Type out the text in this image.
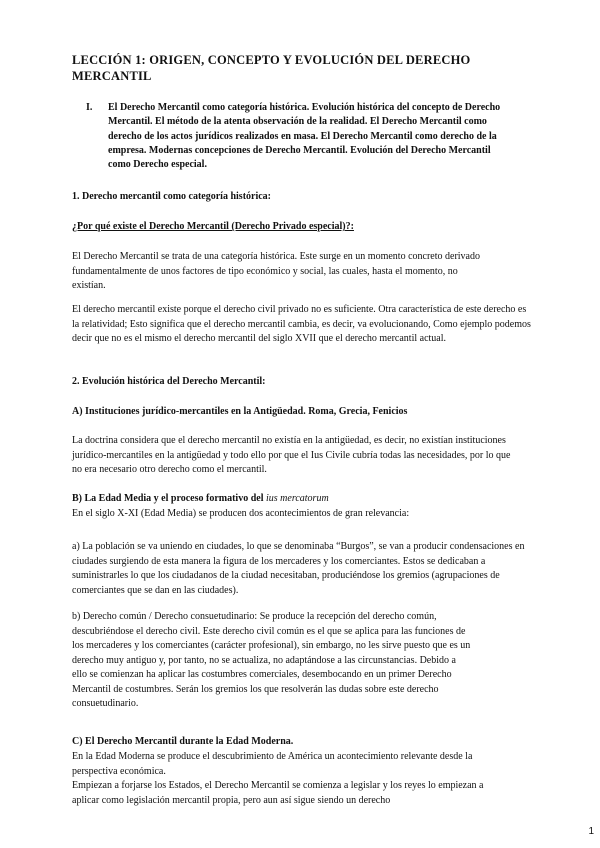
LECCIÓN 1: ORIGEN, CONCEPTO Y EVOLUCIÓN DEL DERECHO MERCANTIL
I. El Derecho Mercantil como categoría histórica. Evolución histórica del concepto de Derecho Mercantil. El método de la atenta observación de la realidad. El Derecho Mercantil como derecho de los actos jurídicos realizados en masa. El Derecho Mercantil como derecho de la empresa. Modernas concepciones de Derecho Mercantil. Evolución del Derecho Mercantil como Derecho especial.
1. Derecho mercantil como categoría histórica:
¿Por qué existe el Derecho Mercantil (Derecho Privado especial)?:
El Derecho Mercantil se trata de una categoría histórica. Este surge en un momento concreto derivado fundamentalmente de unos factores de tipo económico y social, las cuales, hasta el momento, no existían.
El derecho mercantil existe porque el derecho civil privado no es suficiente. Otra característica de este derecho es la relatividad; Esto significa que el derecho mercantil cambia, es decir, va evolucionando, Como ejemplo podemos decir que no es el mismo el derecho mercantil del siglo XVII que el derecho mercantil actual.
2. Evolución histórica del Derecho Mercantil:
A) Instituciones jurídico-mercantiles en la Antigüedad. Roma, Grecia, Fenicios
La doctrina considera que el derecho mercantil no existía en la antigüedad, es decir, no existían instituciones jurídico-mercantiles en la antigüedad y todo ello por que el Ius Civile cubría todas las necesidades, por lo que no era necesario otro derecho como el mercantil.
B) La Edad Media y el proceso formativo del ius mercatorum
En el siglo X-XI (Edad Media) se producen dos acontecimientos de gran relevancia:
a) La población se va uniendo en ciudades, lo que se denominaba “Burgos”, se van a producir condensaciones en ciudades surgiendo de esta manera la figura de los mercaderes y los comerciantes. Estos se dedicaban a suministrarles lo que los ciudadanos de la ciudad necesitaban, produciéndose los gremios (agrupaciones de comerciantes que se dan en las ciudades).
b) Derecho común / Derecho consuetudinario: Se produce la recepción del derecho común, descubriéndose el derecho civil. Este derecho civil común es el que se aplica para las funciones de los mercaderes y los comerciantes (carácter profesional), sin embargo, no les sirve puesto que es un derecho muy antiguo y, por tanto, no se actualiza, no adaptándose a las circunstancias. Debido a ello se comienzan ha aplicar las costumbres comerciales, desembocando en un primer Derecho Mercantil de costumbres. Serán los gremios los que resolverán las dudas sobre este derecho consuetudinario.
C) El Derecho Mercantil durante la Edad Moderna.
En la Edad Moderna se produce el descubrimiento de América un acontecimiento relevante desde la perspectiva económica.
Empiezan a forjarse los Estados, el Derecho Mercantil se comienza a legislar y los reyes lo empiezan a aplicar como legislación mercantil propia, pero aun así sigue siendo un derecho
1
